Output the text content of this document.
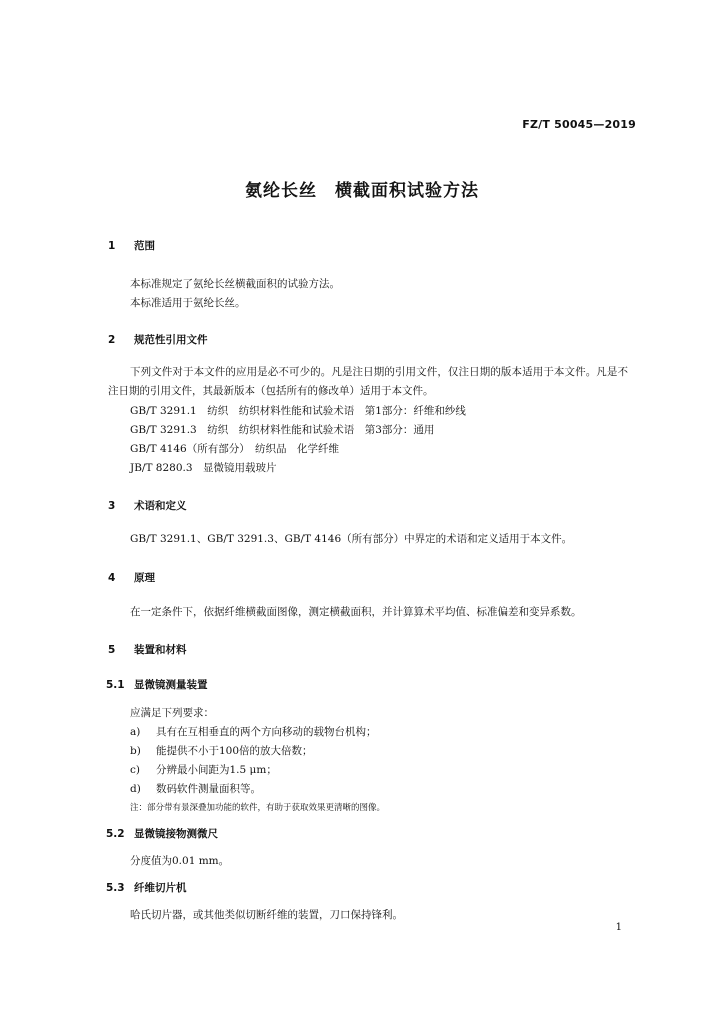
FZ/T 50045—2019
氨纶长丝　横截面积试验方法
1 范围
本标准规定了氨纶长丝横截面积的试验方法。
本标准适用于氨纶长丝。
2 规范性引用文件
下列文件对于本文件的应用是必不可少的。凡是注日期的引用文件，仅注日期的版本适用于本文件。凡是不注日期的引用文件，其最新版本（包括所有的修改单）适用于本文件。
GB/T 3291.1　纺织　纺织材料性能和试验术语　第1部分：纤维和纱线
GB/T 3291.3　纺织　纺织材料性能和试验术语　第3部分：通用
GB/T 4146（所有部分）　纺织品　化学纤维
JB/T 8280.3　显微镜用载玻片
3 术语和定义
GB/T 3291.1、GB/T 3291.3、GB/T 4146（所有部分）中界定的术语和定义适用于本文件。
4 原理
在一定条件下，依据纤维横截面图像，测定横截面积，并计算算术平均值、标准偏差和变异系数。
5 装置和材料
5.1 显微镜测量装置
应满足下列要求：
a) 具有在互相垂直的两个方向移动的载物台机构；
b) 能提供不小于100倍的放大倍数；
c) 分辨最小间距为1.5 μm；
d) 数码软件测量面积等。
注：部分带有景深叠加功能的软件，有助于获取效果更清晰的图像。
5.2 显微镜接物测微尺
分度值为0.01 mm。
5.3 纤维切片机
哈氏切片器，或其他类似切断纤维的装置，刀口保持锋利。
1
